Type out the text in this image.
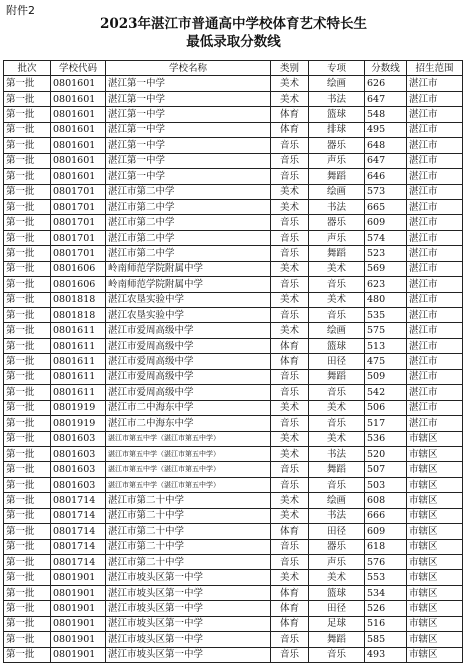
附件2
2023年湛江市普通高中学校体育艺术特长生
最低录取分数线
批次	学校代码	学校名称	类别	专项	分数线	招生范围
第一批	0801601	湛江第一中学	美术	绘画	626	湛江市
第一批	0801601	湛江第一中学	美术	书法	647	湛江市
第一批	0801601	湛江第一中学	体育	篮球	548	湛江市
第一批	0801601	湛江第一中学	体育	排球	495	湛江市
第一批	0801601	湛江第一中学	音乐	器乐	648	湛江市
第一批	0801601	湛江第一中学	音乐	声乐	647	湛江市
第一批	0801601	湛江第一中学	音乐	舞蹈	646	湛江市
第一批	0801701	湛江市第二中学	美术	绘画	573	湛江市
第一批	0801701	湛江市第二中学	美术	书法	665	湛江市
第一批	0801701	湛江市第二中学	音乐	器乐	609	湛江市
第一批	0801701	湛江市第二中学	音乐	声乐	574	湛江市
第一批	0801701	湛江市第二中学	音乐	舞蹈	523	湛江市
第一批	0801606	岭南师范学院附属中学	美术	美术	569	湛江市
第一批	0801606	岭南师范学院附属中学	音乐	音乐	623	湛江市
第一批	0801818	湛江农垦实验中学	美术	美术	480	湛江市
第一批	0801818	湛江农垦实验中学	音乐	音乐	535	湛江市
第一批	0801611	湛江市爱周高级中学	美术	绘画	575	湛江市
第一批	0801611	湛江市爱周高级中学	体育	篮球	513	湛江市
第一批	0801611	湛江市爱周高级中学	体育	田径	475	湛江市
第一批	0801611	湛江市爱周高级中学	音乐	舞蹈	509	湛江市
第一批	0801611	湛江市爱周高级中学	音乐	音乐	542	湛江市
第一批	0801919	湛江市二中海东中学	美术	美术	506	湛江市
第一批	0801919	湛江市二中海东中学	音乐	音乐	517	湛江市
第一批	0801603	湛江市第五中学（湛江市第五中学）	美术	美术	536	市辖区
第一批	0801603	湛江市第五中学（湛江市第五中学）	美术	书法	520	市辖区
第一批	0801603	湛江市第五中学（湛江市第五中学）	音乐	舞蹈	507	市辖区
第一批	0801603	湛江市第五中学（湛江市第五中学）	音乐	音乐	503	市辖区
第一批	0801714	湛江市第二十中学	美术	绘画	608	市辖区
第一批	0801714	湛江市第二十中学	美术	书法	666	市辖区
第一批	0801714	湛江市第二十中学	体育	田径	609	市辖区
第一批	0801714	湛江市第二十中学	音乐	器乐	618	市辖区
第一批	0801714	湛江市第二十中学	音乐	声乐	576	市辖区
第一批	0801901	湛江市坡头区第一中学	美术	美术	553	市辖区
第一批	0801901	湛江市坡头区第一中学	体育	篮球	534	市辖区
第一批	0801901	湛江市坡头区第一中学	体育	田径	526	市辖区
第一批	0801901	湛江市坡头区第一中学	体育	足球	516	市辖区
第一批	0801901	湛江市坡头区第一中学	音乐	舞蹈	585	市辖区
第一批	0801901	湛江市坡头区第一中学	音乐	音乐	493	市辖区
